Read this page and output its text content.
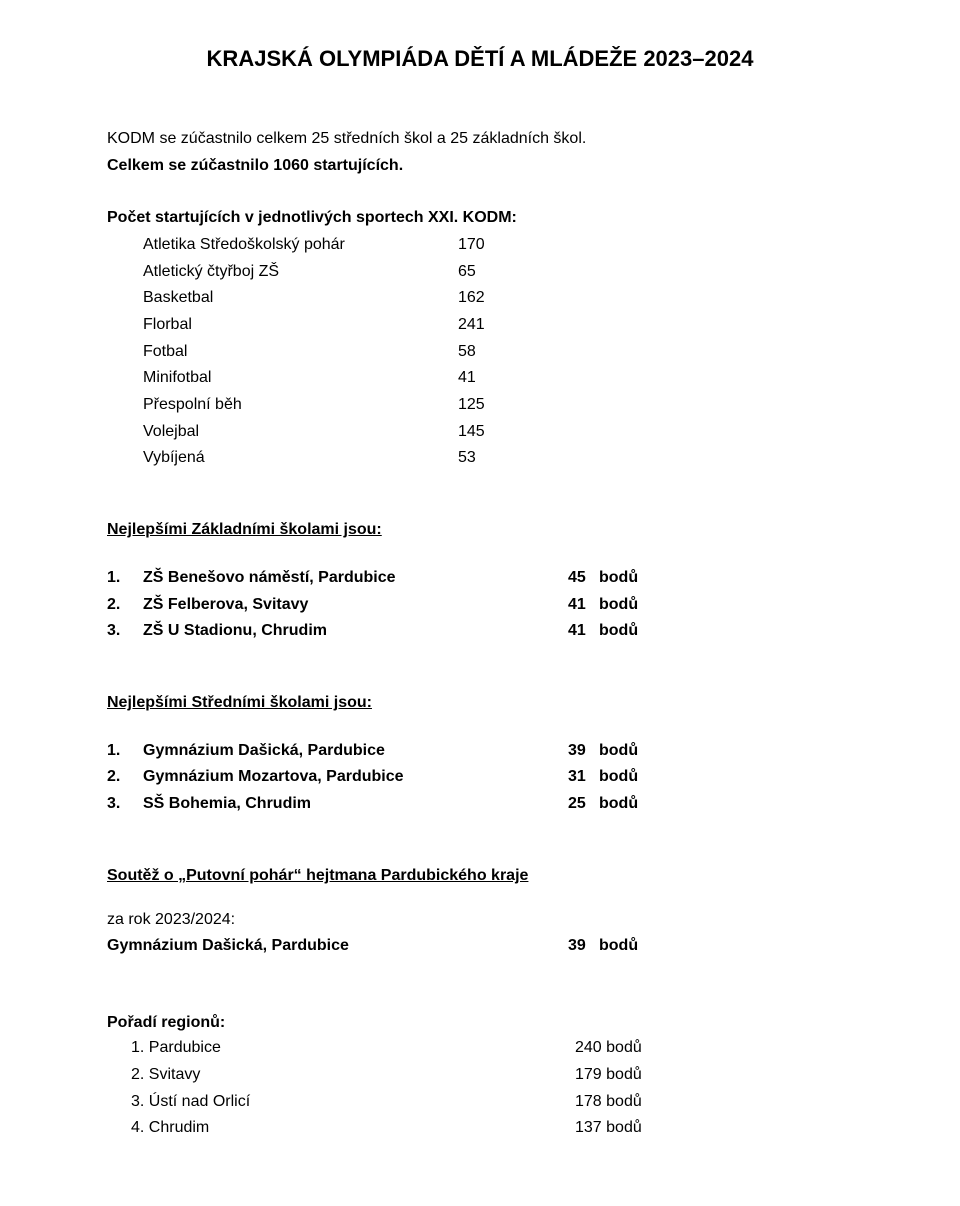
KRAJSKÁ OLYMPIÁDA DĚTÍ A MLÁDEŽE 2023–2024
KODM se zúčastnilo celkem 25 středních škol a 25 základních škol.
Celkem se zúčastnilo 1060 startujících.
Počet startujících v jednotlivých sportech XXI. KODM:
Atletika Středoškolský pohár	170
Atletický čtyřboj ZŠ	65
Basketbal	162
Florbal	241
Fotbal	58
Minifotbal	41
Přespolní běh	125
Volejbal	145
Vybíjená	53
Nejlepšími Základními školami jsou:
1. ZŠ Benešovo náměstí, Pardubice	45 bodů
2. ZŠ Felberova, Svitavy	41 bodů
3. ZŠ U Stadionu, Chrudim	41 bodů
Nejlepšími Středními školami jsou:
1. Gymnázium Dašická, Pardubice	39 bodů
2. Gymnázium Mozartova, Pardubice	31 bodů
3. SŠ Bohemia, Chrudim	25 bodů
Soutěž o „Putovní pohár“ hejtmana Pardubického kraje
za rok 2023/2024:
Gymnázium Dašická, Pardubice	39 bodů
Pořadí regionů:
1. Pardubice	240 bodů
2. Svitavy	179 bodů
3. Ústí nad Orlicí	178 bodů
4. Chrudim	137 bodů
